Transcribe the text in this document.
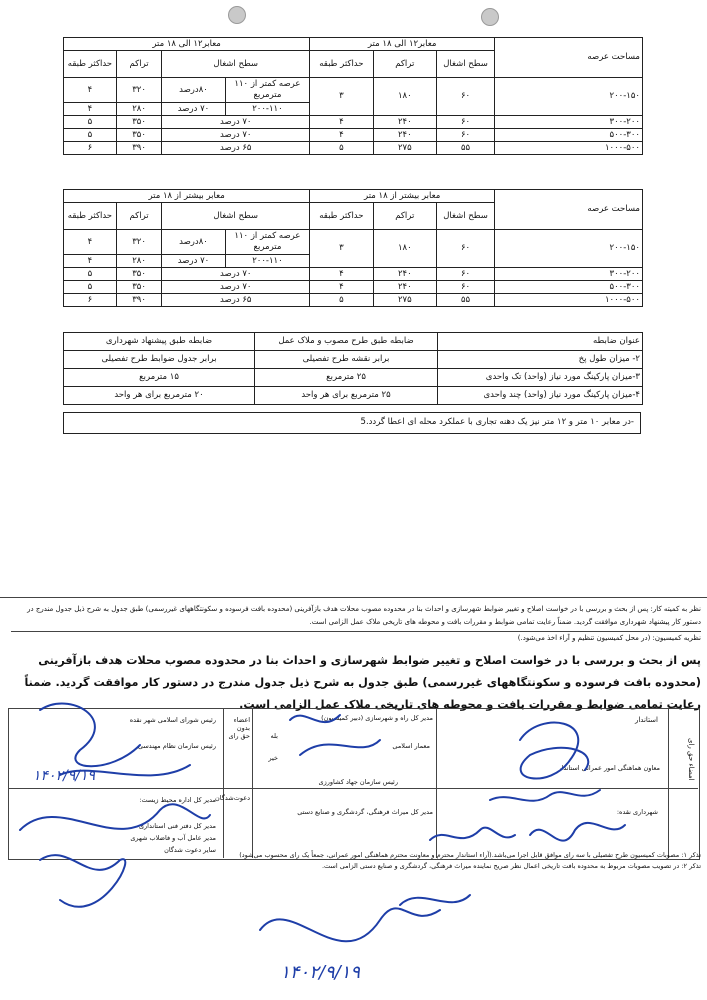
مساحت عرصه	معابر۱۲ الی ۱۸ متر			معابر۱۲ الی ۱۸ متر			
	سطح اشغال	تراکم	حداکثر طبقه	سطح اشغال		تراکم	حداکثر طبقه
۲۰۰-۱۵۰	۶۰	۱۸۰	۳	عرصه کمتر از ۱۱۰ مترمربع	۸۰درصد	۳۲۰	۴
				۲۰۰-۱۱۰	۷۰ درصد	۲۸۰	۴
۳۰۰-۲۰۰	۶۰	۲۴۰	۴	۷۰ درصد		۳۵۰	۵
۵۰۰-۳۰۰	۶۰	۲۴۰	۴	۷۰ درصد		۳۵۰	۵
۱۰۰۰-۵۰۰	۵۵	۲۷۵	۵	۶۵ درصد		۳۹۰	۶
مساحت عرصه	معابر بیشتر از ۱۸ متر			معابر بیشتر از ۱۸ متر			
	سطح اشغال	تراکم	حداکثر طبقه	سطح اشغال		تراکم	حداکثر طبقه
۲۰۰-۱۵۰	۶۰	۱۸۰	۳	عرصه کمتر از ۱۱۰ مترمربع	۸۰درصد	۳۲۰	۴
				۲۰۰-۱۱۰	۷۰ درصد	۲۸۰	۴
۳۰۰-۲۰۰	۶۰	۲۴۰	۴	۷۰ درصد		۳۵۰	۵
۵۰۰-۳۰۰	۶۰	۲۴۰	۴	۷۰ درصد		۳۵۰	۵
۱۰۰۰-۵۰۰	۵۵	۲۷۵	۵	۶۵ درصد		۳۹۰	۶
عنوان ضابطه	ضابطه طبق طرح مصوب و ملاک عمل	ضابطه طبق پیشنهاد شهرداری
۲- میزان طول پخ	برابر نقشه طرح تفصیلی	برابر جدول ضوابط طرح تفصیلی
۳-میزان پارکینگ مورد نیاز (واحد) تک واحدی	۲۵ مترمربع	۱۵ مترمربع
۴-میزان پارکینگ مورد نیاز (واحد) چند واحدی	۲۵ مترمربع برای هر واحد	۲۰ مترمربع برای هر واحد
-در معابر ۱۰ متر و ۱۲ متر نیز یک دهنه تجاری با عملکرد محله ای اعطا گردد.5
نظر به کمیته کار: پس از بحث و بررسی با در خواست اصلاح و تغییر ضوابط شهرسازی و احداث بنا در محدوده مصوب محلات هدف بازآفرینی (محدوده بافت فرسوده و سکونتگاههای غیررسمی) طبق جدول به شرح ذیل جدول مندرج در دستور کار پیشنهاد شهرداری موافقت گردید. ضمناً رعایت تمامی ضوابط و مقررات بافت و محوطه های تاریخی ملاک عمل الزامی است.
نظریه کمیسیون: (در محل کمیسیون تنظیم و آراء اخذ می‌شود.)
پس از بحث و بررسی با در خواست اصلاح و تغییر ضوابط شهرسازی و احداث بنا در محدوده مصوب محلات هدف بازآفرینی (محدوده بافت فرسوده و سکونتگاههای غیررسمی) طبق جدول به شرح ذیل جدول مندرج در دستور کار موافقت گردید. ضمناً رعایت تمامی ضوابط و مقررات بافت و محوطه های تاریخی ملاک عمل الزامی است.
امضاء حق رای
استاندار
معاون هماهنگی امور عمرانی استاندار
شهرداری نقده:
مدیر کل راه و شهرسازی (دبیر کمیسیون)
بله
خیر
معمار اسلامی
رئیس سازمان جهاد کشاورزی
مدیر کل میراث فرهنگی، گردشگری و صنایع دستی
اعضاء بدون حق رای
دعوت‌شدگان
رئیس شورای اسلامی شهر نقده
رئیس سازمان نظام مهندسی
مدیر کل اداره محیط زیست:
مدیر کل دفتر فنی استانداری
مدیر عامل آب و فاضلاب شهری
سایر دعوت شدگان
تذکر ۱: مصوبات کمیسیون طرح تفصیلی با سه رای موافق قابل اجرا می‌باشد.(آراء استاندار محترم و معاونت محترم هماهنگی امور عمرانی، جمعاً یک رای محسوب می‌شود)
تذکر ۲: در تصویب مصوبات مربوط به محدوده بافت تاریخی اعمال نظر صریح نماینده میراث فرهنگی، گردشگری و صنایع دستی الزامی است.
۱۴۰۲/۹/۱۹
۱۴۰۲/۹/۱۹
